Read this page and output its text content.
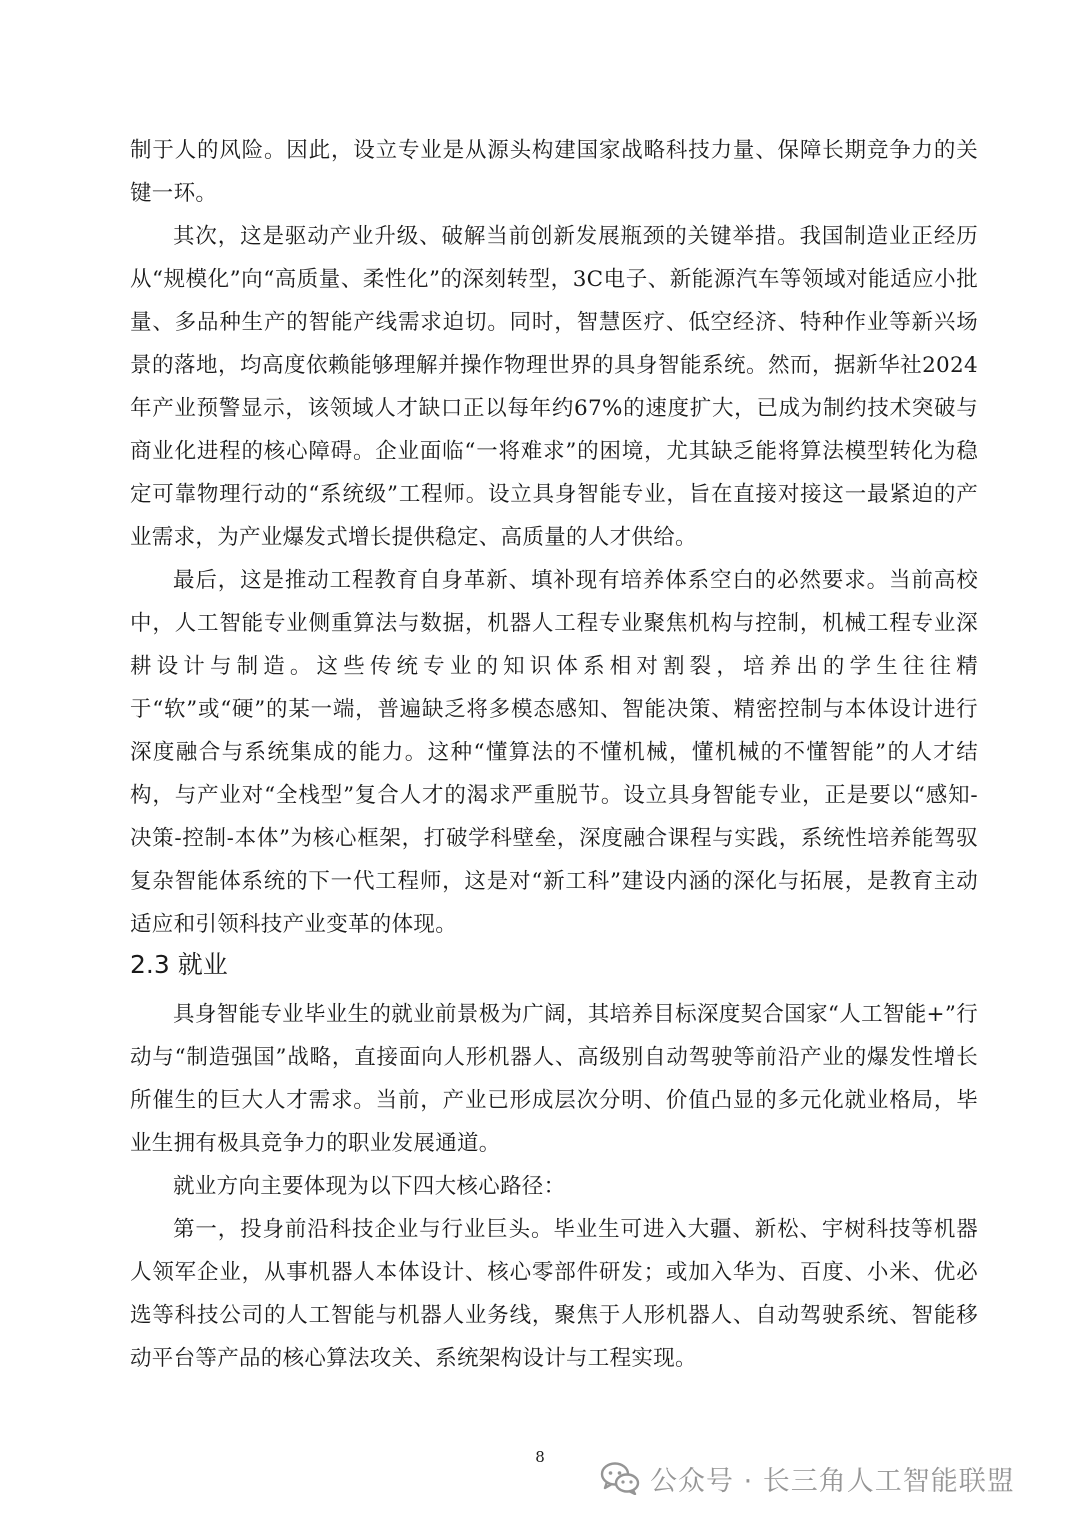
制于人的风险。因此，设立专业是从源头构建国家战略科技力量、保障长期竞争力的关键一环。

其次，这是驱动产业升级、破解当前创新发展瓶颈的关键举措。我国制造业正经历从“规模化”向“高质量、柔性化”的深刻转型，3C电子、新能源汽车等领域对能适应小批量、多品种生产的智能产线需求迫切。同时，智慧医疗、低空经济、特种作业等新兴场景的落地，均高度依赖能够理解并操作物理世界的具身智能系统。然而，据新华社2024年产业预警显示，该领域人才缺口正以每年约67%的速度扩大，已成为制约技术突破与商业化进程的核心障碍。企业面临“一将难求”的困境，尤其缺乏能将算法模型转化为稳定可靠物理行动的“系统级”工程师。设立具身智能专业，旨在直接对接这一最紧迫的产业需求，为产业爆发式增长提供稳定、高质量的人才供给。

最后，这是推动工程教育自身革新、填补现有培养体系空白的必然要求。当前高校中，人工智能专业侧重算法与数据，机器人工程专业聚焦机构与控制，机械工程专业深耕设计与制造。这些传统专业的知识体系相对割裂，培养出的学生往往精于“软”或“硬”的某一端，普遍缺乏将多模态感知、智能决策、精密控制与本体设计进行深度融合与系统集成的能力。这种“懂算法的不懂机械，懂机械的不懂智能”的人才结构，与产业对“全栈型”复合人才的渴求严重脱节。设立具身智能专业，正是要以“感知-决策-控制-本体”为核心框架，打破学科壁垒，深度融合课程与实践，系统性培养能驾驭复杂智能体系统的下一代工程师，这是对“新工科”建设内涵的深化与拓展，是教育主动适应和引领科技产业变革的体现。

2.3 就业

具身智能专业毕业生的就业前景极为广阔，其培养目标深度契合国家“人工智能+”行动与“制造强国”战略，直接面向人形机器人、高级别自动驾驶等前沿产业的爆发性增长所催生的巨大人才需求。当前，产业已形成层次分明、价值凸显的多元化就业格局，毕业生拥有极具竞争力的职业发展通道。

就业方向主要体现为以下四大核心路径：

第一，投身前沿科技企业与行业巨头。毕业生可进入大疆、新松、宇树科技等机器人领军企业，从事机器人本体设计、核心零部件研发；或加入华为、百度、小米、优必选等科技公司的人工智能与机器人业务线，聚焦于人形机器人、自动驾驶系统、智能移动平台等产品的核心算法攻关、系统架构设计与工程实现。

8
公众号 · 长三角人工智能联盟
